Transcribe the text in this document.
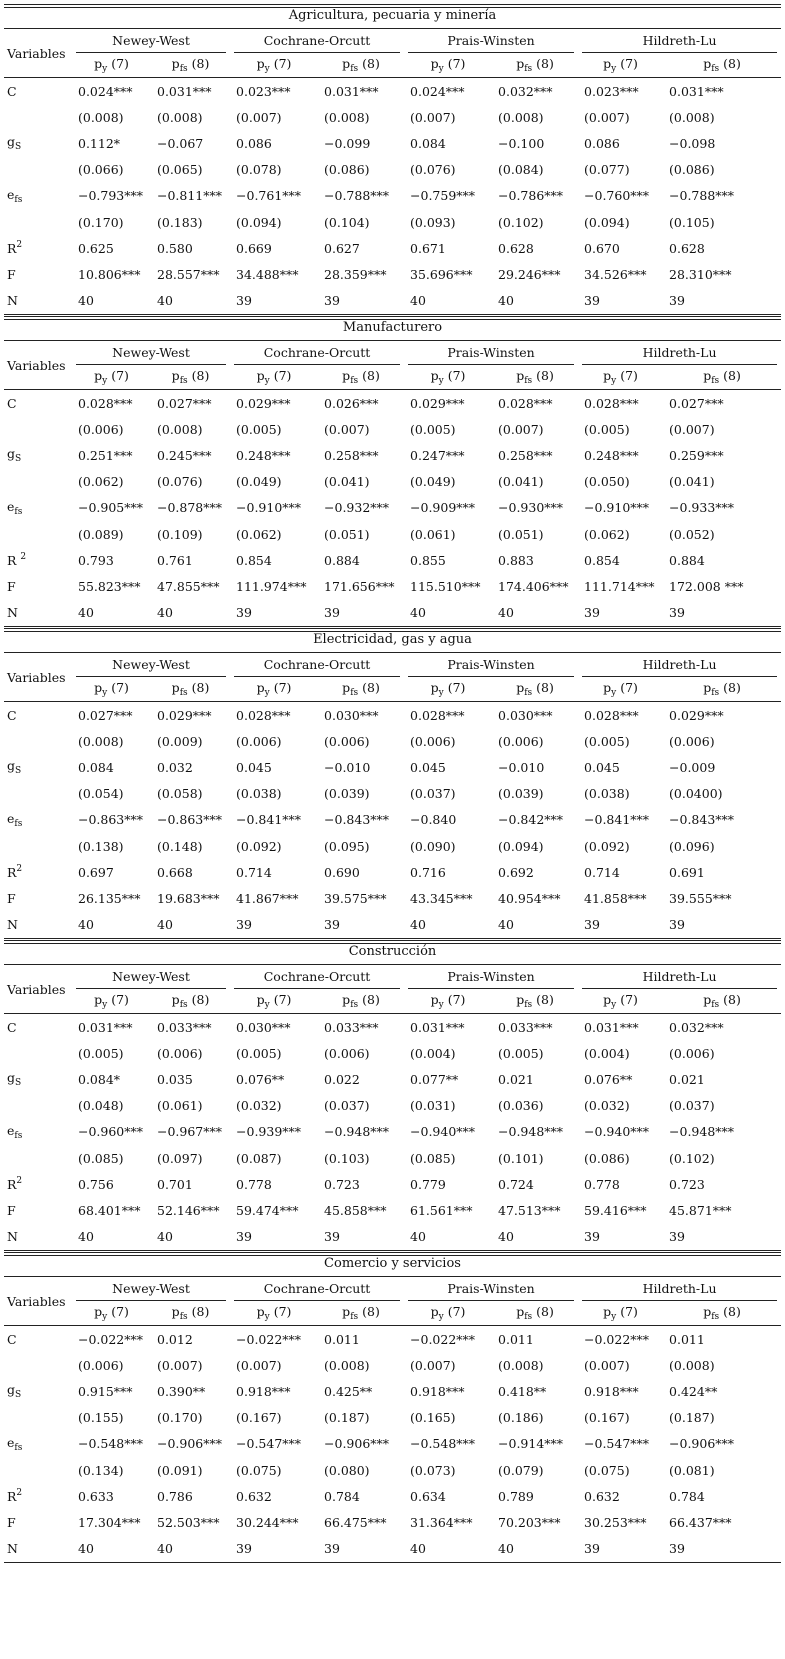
Agricultura, pecuaria y minería
Variables	Newey-West		Cochrane-Orcutt		Prais-Winsten		Hildreth-Lu	

	$p_y$ (7)	$p_{fs}$ (8)	$p_y$ (7)	$p_{fs}$ (8)	$p_y$ (7)	$p_{fs}$ (8)	$p_y$ (7)	$p_{fs}$ (8)
C	0.024***	0.031***	0.023***	0.031***	0.024***	0.032***	0.023***	0.031***
	(0.008)	(0.008)	(0.007)	(0.008)	(0.007)	(0.008)	(0.007)	(0.008)
$g_S$	0.112*	−0.067	0.086	−0.099	0.084	−0.100	0.086	−0.098
	(0.066)	(0.065)	(0.078)	(0.086)	(0.076)	(0.084)	(0.077)	(0.086)
$e_{fs}$	−0.793***	−0.811***	−0.761***	−0.788***	−0.759***	−0.786***	−0.760***	−0.788***
	(0.170)	(0.183)	(0.094)	(0.104)	(0.093)	(0.102)	(0.094)	(0.105)
$R^2$	0.625	0.580	0.669	0.627	0.671	0.628	0.670	0.628
F	10.806***	28.557***	34.488***	28.359***	35.696***	29.246***	34.526***	28.310***
N	40	40	39	39	40	40	39	39
Manufacturero
Variables	Newey-West		Cochrane-Orcutt		Prais-Winsten		Hildreth-Lu	

	$p_y$ (7)	$p_{fs}$ (8)	$p_y$ (7)	$p_{fs}$ (8)	$p_y$ (7)	$p_{fs}$ (8)	$p_y$ (7)	$p_{fs}$ (8)
C	0.028***	0.027***	0.029***	0.026***	0.029***	0.028***	0.028***	0.027***
	(0.006)	(0.008)	(0.005)	(0.007)	(0.005)	(0.007)	(0.005)	(0.007)
$g_S$	0.251***	0.245***	0.248***	0.258***	0.247***	0.258***	0.248***	0.259***
	(0.062)	(0.076)	(0.049)	(0.041)	(0.049)	(0.041)	(0.050)	(0.041)
$e_{fs}$	−0.905***	−0.878***	−0.910***	−0.932***	−0.909***	−0.930***	−0.910***	−0.933***
	(0.089)	(0.109)	(0.062)	(0.051)	(0.061)	(0.051)	(0.062)	(0.052)
R $^2$	0.793	0.761	0.854	0.884	0.855	0.883	0.854	0.884
F	55.823***	47.855***	111.974***	171.656***	115.510***	174.406***	111.714***	172.008 ***
N	40	40	39	39	40	40	39	39
Electricidad, gas y agua
Variables	Newey-West		Cochrane-Orcutt		Prais-Winsten		Hildreth-Lu	

	$p_y$ (7)	$p_{fs}$ (8)	$p_y$ (7)	$p_{fs}$ (8)	$p_y$ (7)	$p_{fs}$ (8)	$p_y$ (7)	$p_{fs}$ (8)
C	0.027***	0.029***	0.028***	0.030***	0.028***	0.030***	0.028***	0.029***
	(0.008)	(0.009)	(0.006)	(0.006)	(0.006)	(0.006)	(0.005)	(0.006)
$g_S$	0.084	0.032	0.045	−0.010	0.045	−0.010	0.045	−0.009
	(0.054)	(0.058)	(0.038)	(0.039)	(0.037)	(0.039)	(0.038)	(0.0400)
$e_{fs}$	−0.863***	−0.863***	−0.841***	−0.843***	−0.840	−0.842***	−0.841***	−0.843***
	(0.138)	(0.148)	(0.092)	(0.095)	(0.090)	(0.094)	(0.092)	(0.096)
$R^2$	0.697	0.668	0.714	0.690	0.716	0.692	0.714	0.691
F	26.135***	19.683***	41.867***	39.575***	43.345***	40.954***	41.858***	39.555***
N	40	40	39	39	40	40	39	39
Construcción
Variables	Newey-West		Cochrane-Orcutt		Prais-Winsten		Hildreth-Lu	

	$p_y$ (7)	$p_{fs}$ (8)	$p_y$ (7)	$p_{fs}$ (8)	$p_y$ (7)	$p_{fs}$ (8)	$p_y$ (7)	$p_{fs}$ (8)
C	0.031***	0.033***	0.030***	0.033***	0.031***	0.033***	0.031***	0.032***
	(0.005)	(0.006)	(0.005)	(0.006)	(0.004)	(0.005)	(0.004)	(0.006)
$g_S$	0.084*	0.035	0.076**	0.022	0.077**	0.021	0.076**	0.021
	(0.048)	(0.061)	(0.032)	(0.037)	(0.031)	(0.036)	(0.032)	(0.037)
$e_{fs}$	−0.960***	−0.967***	−0.939***	−0.948***	−0.940***	−0.948***	−0.940***	−0.948***
	(0.085)	(0.097)	(0.087)	(0.103)	(0.085)	(0.101)	(0.086)	(0.102)
$R^2$	0.756	0.701	0.778	0.723	0.779	0.724	0.778	0.723
F	68.401***	52.146***	59.474***	45.858***	61.561***	47.513***	59.416***	45.871***
N	40	40	39	39	40	40	39	39
Comercio y servicios
Variables	Newey-West		Cochrane-Orcutt		Prais-Winsten		Hildreth-Lu	

	$p_y$ (7)	$p_{fs}$ (8)	$p_y$ (7)	$p_{fs}$ (8)	$p_y$ (7)	$p_{fs}$ (8)	$p_y$ (7)	$p_{fs}$ (8)
C	−0.022***	0.012	−0.022***	0.011	−0.022***	0.011	−0.022***	0.011
	(0.006)	(0.007)	(0.007)	(0.008)	(0.007)	(0.008)	(0.007)	(0.008)
$g_S$	0.915***	0.390**	0.918***	0.425**	0.918***	0.418**	0.918***	0.424**
	(0.155)	(0.170)	(0.167)	(0.187)	(0.165)	(0.186)	(0.167)	(0.187)
$e_{fs}$	−0.548***	−0.906***	−0.547***	−0.906***	−0.548***	−0.914***	−0.547***	−0.906***
	(0.134)	(0.091)	(0.075)	(0.080)	(0.073)	(0.079)	(0.075)	(0.081)
$R^2$	0.633	0.786	0.632	0.784	0.634	0.789	0.632	0.784
F	17.304***	52.503***	30.244***	66.475***	31.364***	70.203***	30.253***	66.437***
N	40	40	39	39	40	40	39	39
